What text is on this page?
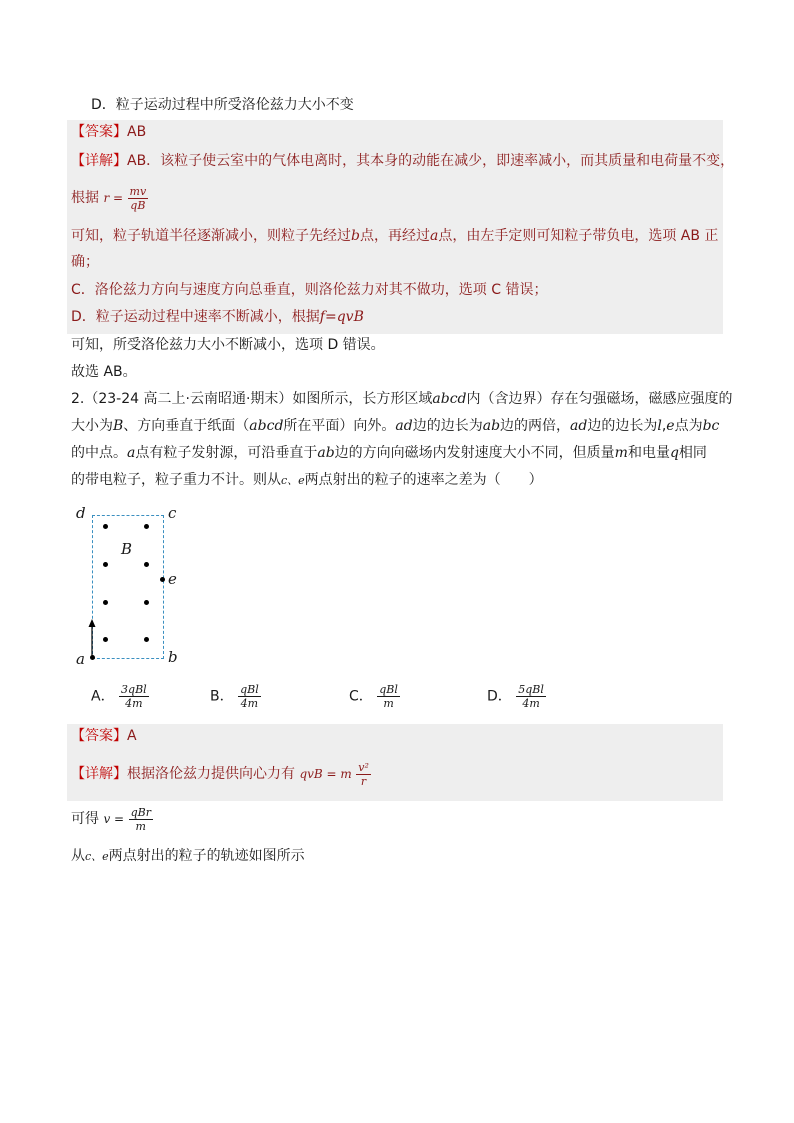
D．粒子运动过程中所受洛伦兹力大小不变
【答案】AB
【详解】AB．该粒子使云室中的气体电离时，其本身的动能在减少，即速率减小，而其质量和电荷量不变，
根据 $r = \frac{mv}{qB}$
可知，粒子轨道半径逐渐减小，则粒子先经过b点，再经过a点，由左手定则可知粒子带负电，选项 AB 正
确；
C．洛伦兹力方向与速度方向总垂直，则洛伦兹力对其不做功，选项 C 错误；
D．粒子运动过程中速率不断减小，根据f=qvB
可知，所受洛伦兹力大小不断减小，选项 D 错误。
故选 AB。
2.（23-24 高二上·云南昭通·期末）如图所示，长方形区域abcd内（含边界）存在匀强磁场，磁感应强度的
大小为B、方向垂直于纸面（abcd所在平面）向外。ad边的边长为ab边的两倍，ad边的边长为l,e点为bc
的中点。a点有粒子发射源，可沿垂直于ab边的方向向磁场内发射速度大小不同，但质量m和电量q相同
的带电粒子，粒子重力不计。则从c、e两点射出的粒子的速率之差为（　　）
d	c
B
e
a	b
A． $\frac{\text{3qBl}}{4m}$	B． $\frac{\text{qBl}}{4m}$	C． $\frac{\text{qBl}}{m}$	D． $\frac{\text{5qBl}}{4m}$
【答案】A
【详解】根据洛伦兹力提供向心力有 qvB = m $\frac{\text{v²}}{r}$
可得 $v = \frac{\text{qBr}}{m}$
从c、e两点射出的粒子的轨迹如图所示
